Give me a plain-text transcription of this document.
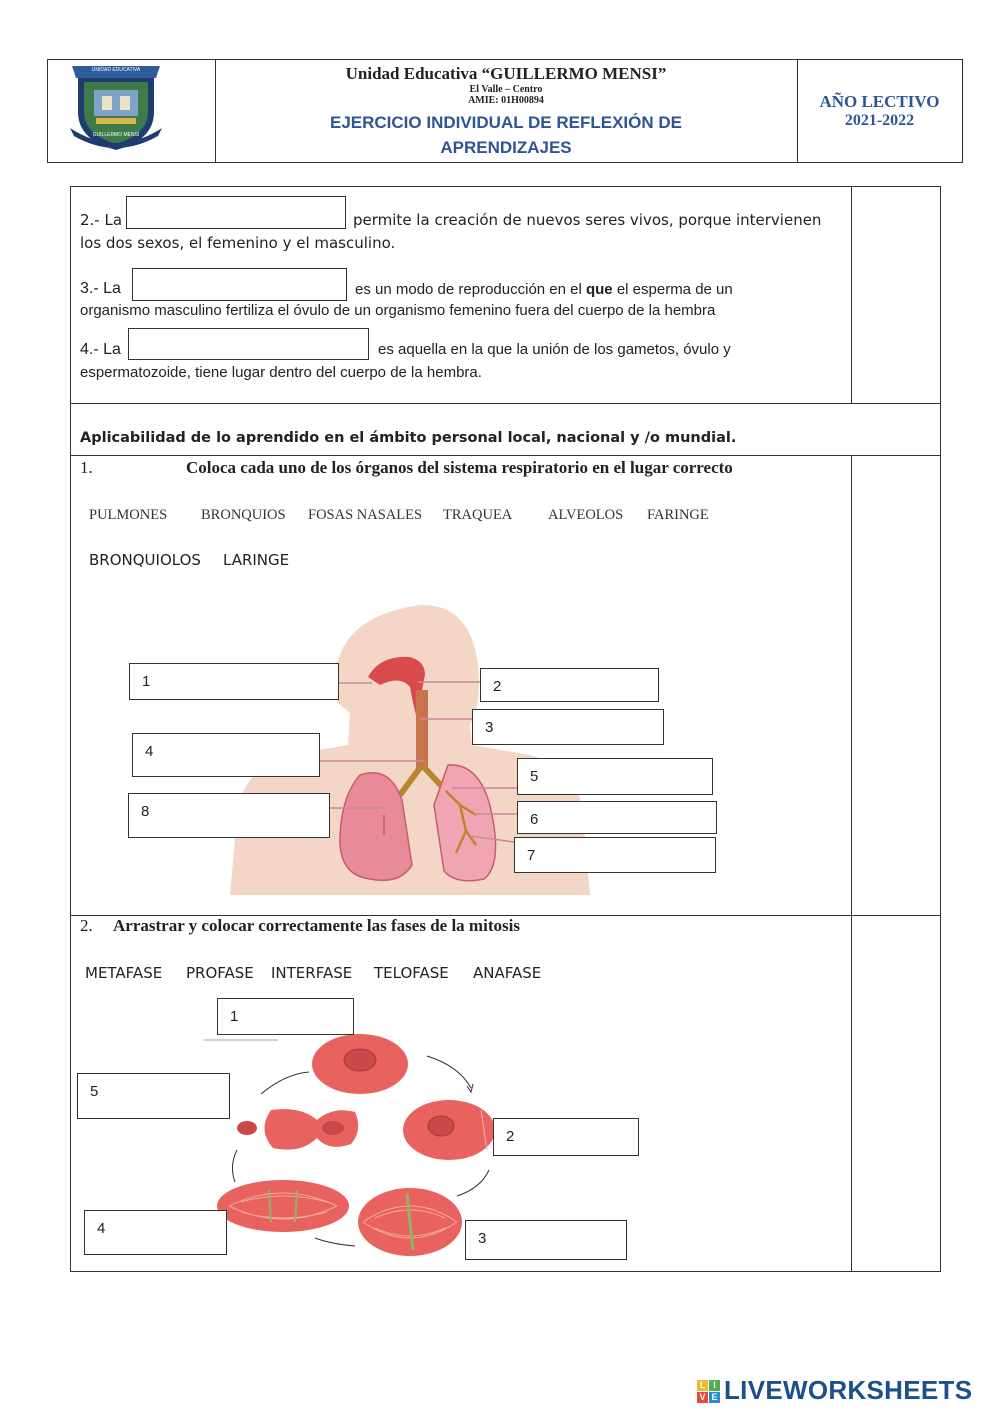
UNIDAD EDUCATIVA
GUILLERMO MENSI
Unidad Educativa “GUILLERMO MENSI”
El Valle – Centro
AMIE: 01H00894
EJERCICIO INDIVIDUAL DE REFLEXIÓN DE
APRENDIZAJES
AÑO LECTIVO
2021-2022
2.- La	permite la creación de nuevos seres vivos, porque intervienen
los dos sexos, el femenino y el masculino.
3.- La	es un modo de reproducción en el que el esperma de un
organismo masculino fertiliza el óvulo de un organismo femenino fuera del cuerpo de la hembra
4.- La	es aquella en la que la unión de los gametos, óvulo y
espermatozoide, tiene lugar dentro del cuerpo de la hembra.
Aplicabilidad de lo aprendido en el ámbito personal local, nacional y /o mundial.
1.	Coloca cada uno de los órganos del sistema respiratorio en el lugar correcto
PULMONES BRONQUIOS FOSAS NASALES TRAQUEA ALVEOLOS FARINGE
BRONQUIOLOS LARINGE
1	2
3
4
5
6
7
8
2. Arrastrar y colocar correctamente las fases de la mitosis
METAFASE PROFASE INTERFASE TELOFASE ANAFASE
1
2
3
4
5
L I
V E LIVEWORKSHEETS
